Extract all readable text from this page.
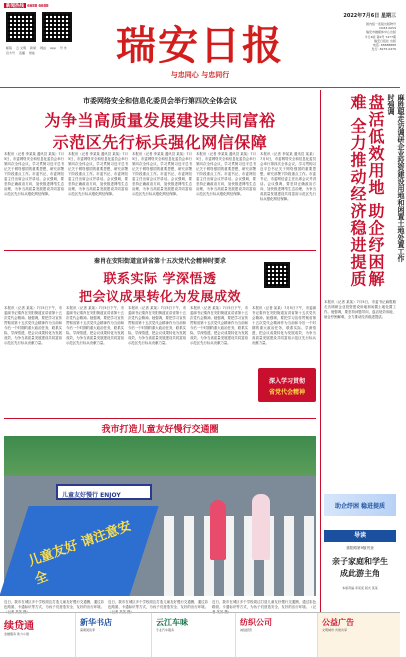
新闻热线 6688 6688
邮箱 云 文明 新闻 网站 App 号 外
官方号 直播 智能	瑞安日报
与忠同心 与忠同行
2022年7月6日 星期三
国内统一连续出版物号
CN33-0059
瑞安市融媒体中心出版
今日4版 第9号 7477期
瑞安日报社 出版
电话: 65888888
发行: 6975-0476
市委网络安全和信息化委员会举行第四次全体会议
为争当高质量发展建设共同富裕
示范区先行标兵强化网信保障
本报讯（记者 李某某 通讯员 某某）7月5日，市委网络安全和信息化委员会举行第四次全体会议，学习贯彻习近平总书记关于网络强国的重要思想，研究部署下阶段重点工作。市委书记、市委网信委主任出席会议并讲话。会议强调，要坚持正确政治方向，加快推进网络生态治理，为争当高质量发展建设共同富裕示范区先行标兵强化网信保障。
本报讯（记者 李某某 通讯员 某某）7月5日，市委网络安全和信息化委员会举行第四次全体会议，学习贯彻习近平总书记关于网络强国的重要思想，研究部署下阶段重点工作。市委书记、市委网信委主任出席会议并讲话。会议强调，要坚持正确政治方向，加快推进网络生态治理，为争当高质量发展建设共同富裕示范区先行标兵强化网信保障。
本报讯（记者 李某某 通讯员 某某）7月5日，市委网络安全和信息化委员会举行第四次全体会议，学习贯彻习近平总书记关于网络强国的重要思想，研究部署下阶段重点工作。市委书记、市委网信委主任出席会议并讲话。会议强调，要坚持正确政治方向，加快推进网络生态治理，为争当高质量发展建设共同富裕示范区先行标兵强化网信保障。
本报讯（记者 李某某 通讯员 某某）7月5日，市委网络安全和信息化委员会举行第四次全体会议，学习贯彻习近平总书记关于网络强国的重要思想，研究部署下阶段重点工作。市委书记、市委网信委主任出席会议并讲话。会议强调，要坚持正确政治方向，加快推进网络生态治理，为争当高质量发展建设共同富裕示范区先行标兵强化网信保障。
本报讯（记者 李某某 通讯员 某某）7月5日，市委网络安全和信息化委员会举行第四次全体会议，学习贯彻习近平总书记关于网络强国的重要思想，研究部署下阶段重点工作。市委书记、市委网信委主任出席会议并讲话。会议强调，要坚持正确政治方向，加快推进网络生态治理，为争当高质量发展建设共同富裕示范区先行标兵强化网信保障。
秦肖在安阳街道宣讲省第十五次党代会精神时要求
联系实际 学深悟透
把会议成果转化为发展成效
本报讯（记者 某某）7月5日下午，市委副书记秦肖在安阳街道宣讲省第十五次党代会精神。她强调，要把学习宣传贯彻省第十五次党代会精神作为当前和今后一个时期的重大政治任务，联系实际、学深悟透，把会议成果转化为发展成效，为争当高质量发展建设共同富裕示范区先行标兵贡献力量。
本报讯（记者 某某）7月5日下午，市委副书记秦肖在安阳街道宣讲省第十五次党代会精神。她强调，要把学习宣传贯彻省第十五次党代会精神作为当前和今后一个时期的重大政治任务，联系实际、学深悟透，把会议成果转化为发展成效，为争当高质量发展建设共同富裕示范区先行标兵贡献力量。
本报讯（记者 某某）7月5日下午，市委副书记秦肖在安阳街道宣讲省第十五次党代会精神。她强调，要把学习宣传贯彻省第十五次党代会精神作为当前和今后一个时期的重大政治任务，联系实际、学深悟透，把会议成果转化为发展成效，为争当高质量发展建设共同富裕示范区先行标兵贡献力量。
本报讯（记者 某某）7月5日下午，市委副书记秦肖在安阳街道宣讲省第十五次党代会精神。她强调，要把学习宣传贯彻省第十五次党代会精神作为当前和今后一个时期的重大政治任务，联系实际、学深悟透，把会议成果转化为发展成效，为争当高质量发展建设共同富裕示范区先行标兵贡献力量。
本报讯（记者 某某）7月5日下午，市委副书记秦肖在安阳街道宣讲省第十五次党代会精神。她强调，要把学习宣传贯彻省第十五次党代会精神作为当前和今后一个时期的重大政治任务，联系实际、学深悟透，把会议成果转化为发展成效，为争当高质量发展建设共同富裕示范区先行标兵贡献力量。
深入学习贯彻
省党代会精神
我市打造儿童友好慢行交通圈
儿童友好 请注意安全
儿童友好慢行 ENJOY
近日，我市在城区多个学校周边打造儿童友好慢行交通圈，通过彩色路面、卡通标识等方式，为孩子们营造安全、友好的出行环境。（记者 某某 摄）
近日，我市在城区多个学校周边打造儿童友好慢行交通圈，通过彩色路面、卡通标识等方式，为孩子们营造安全、友好的出行环境。（记者 某某 摄）
近日，我市在城区多个学校周边打造儿童友好慢行交通圈，通过彩色路面、卡通标识等方式，为孩子们营造安全、友好的出行环境。（记者 某某 摄）
麻胜聪走访调研企业投资建设用地和闲置土地处置工作时强调
盘活低效用地 助企纾困解难 全力推动经济稳进提质
本报讯（记者 某某）7月5日，市委书记麻胜聪走访调研企业投资建设用地和闲置土地处置工作。他强调，要坚持问题导向，盘活低效用地，助企纾困解难，全力推动经济稳进提质。
助企纾困 稳进提质
导读
重阳路第9版刊登
亲子家庭和学生
成此游主角
本版责编 李某某 版式 某某
续贷通
金融服务 助力小微
新华书店
暑期阅读季
云江车味
专业汽车服务
纺织公司
诚信经营
公益广告
文明城市 共建共享
